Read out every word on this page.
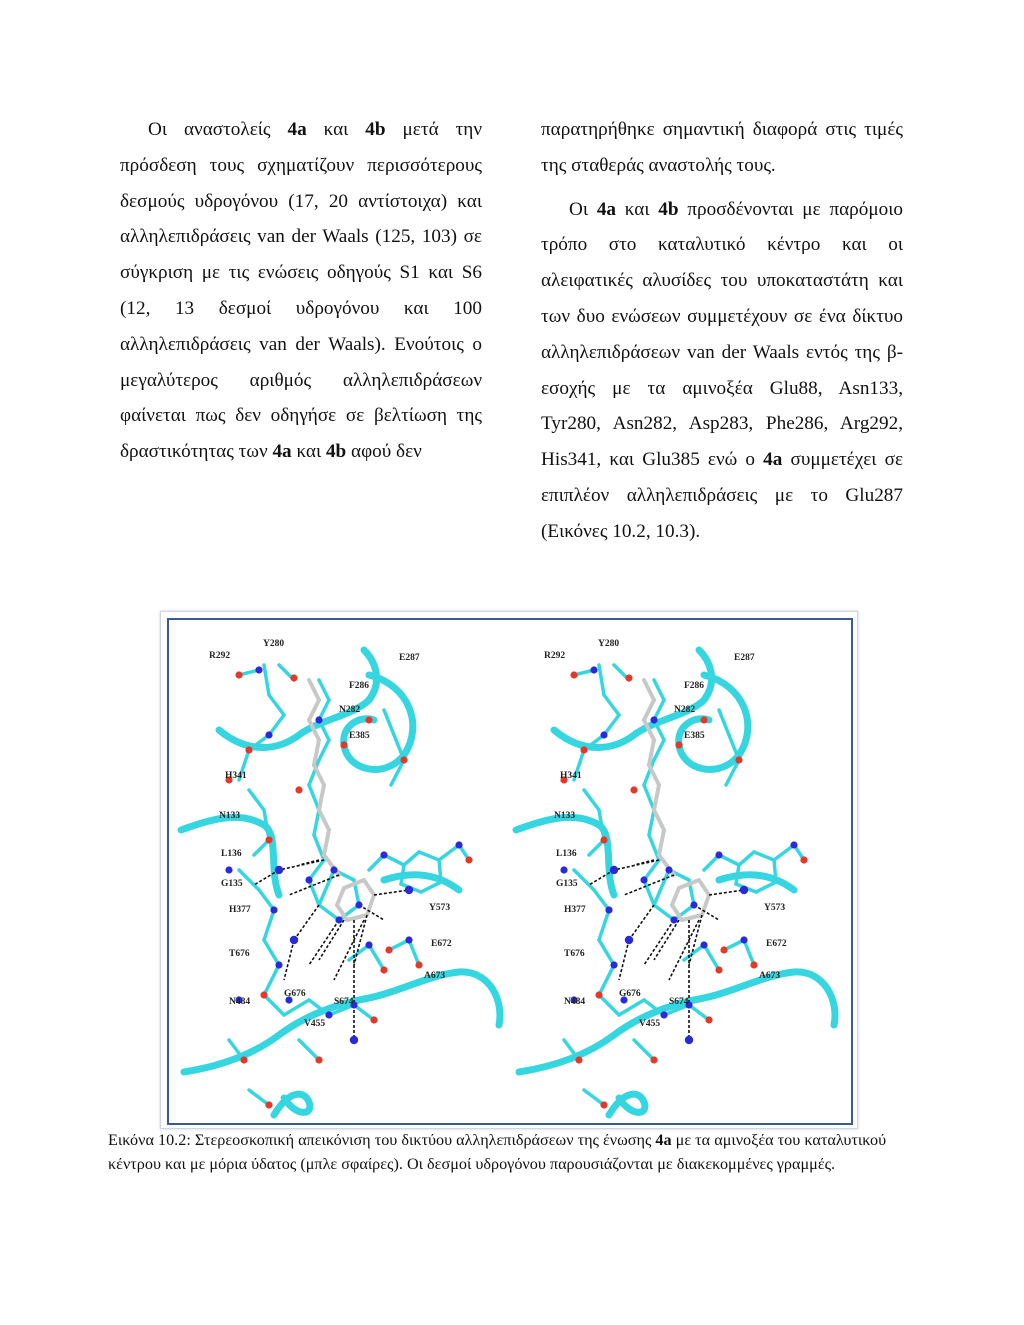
Οι αναστολείς 4a και 4b μετά την πρόσδεση τους σχηματίζουν περισσότερους δεσμούς υδρογόνου (17, 20 αντίστοιχα) και αλληλεπιδράσεις van der Waals (125, 103) σε σύγκριση με τις ενώσεις οδηγούς S1 και S6 (12, 13 δεσμοί υδρογόνου και 100 αλληλεπιδράσεις van der Waals). Ενούτοις ο μεγαλύτερος αριθμός αλληλεπιδράσεων φαίνεται πως δεν οδηγήσε σε βελτίωση της δραστικότητας των 4a και 4b αφού δεν

παρατηρήθηκε σημαντική διαφορά στις τιμές της σταθεράς αναστολής τους.

Οι 4a και 4b προσδένονται με παρόμοιο τρόπο στο καταλυτικό κέντρο και οι αλειφατικές αλυσίδες του υποκαταστάτη και των δυο ενώσεων συμμετέχουν σε ένα δίκτυο αλληλεπιδράσεων van der Waals εντός της β-εσοχής με τα αμινοξέα Glu88, Asn133, Tyr280, Asn282, Asp283, Phe286, Arg292, His341, και Glu385 ενώ ο 4a συμμετέχει σε επιπλέον αλληλεπιδράσεις με το Glu287 (Εικόνες 10.2, 10.3).

R292
Y280
E287
F286
N282
E385
H341
N133
L136
G135
H377	Y573
E672
T676
A673
N484
G676
S674
V455
R292
Y280
E287
F286
N282
E385
H341
N133
L136
G135
H377	Y573
E672
T676
A673
N484
G676
S674
V455

Εικόνα 10.2: Στερεοσκοπική απεικόνιση του δικτύου αλληλεπιδράσεων της ένωσης 4a με τα αμινοξέα του καταλυτικού κέντρου και με μόρια ύδατος (μπλε σφαίρες). Οι δεσμοί υδρογόνου παρουσιάζονται με διακεκομμένες γραμμές.
